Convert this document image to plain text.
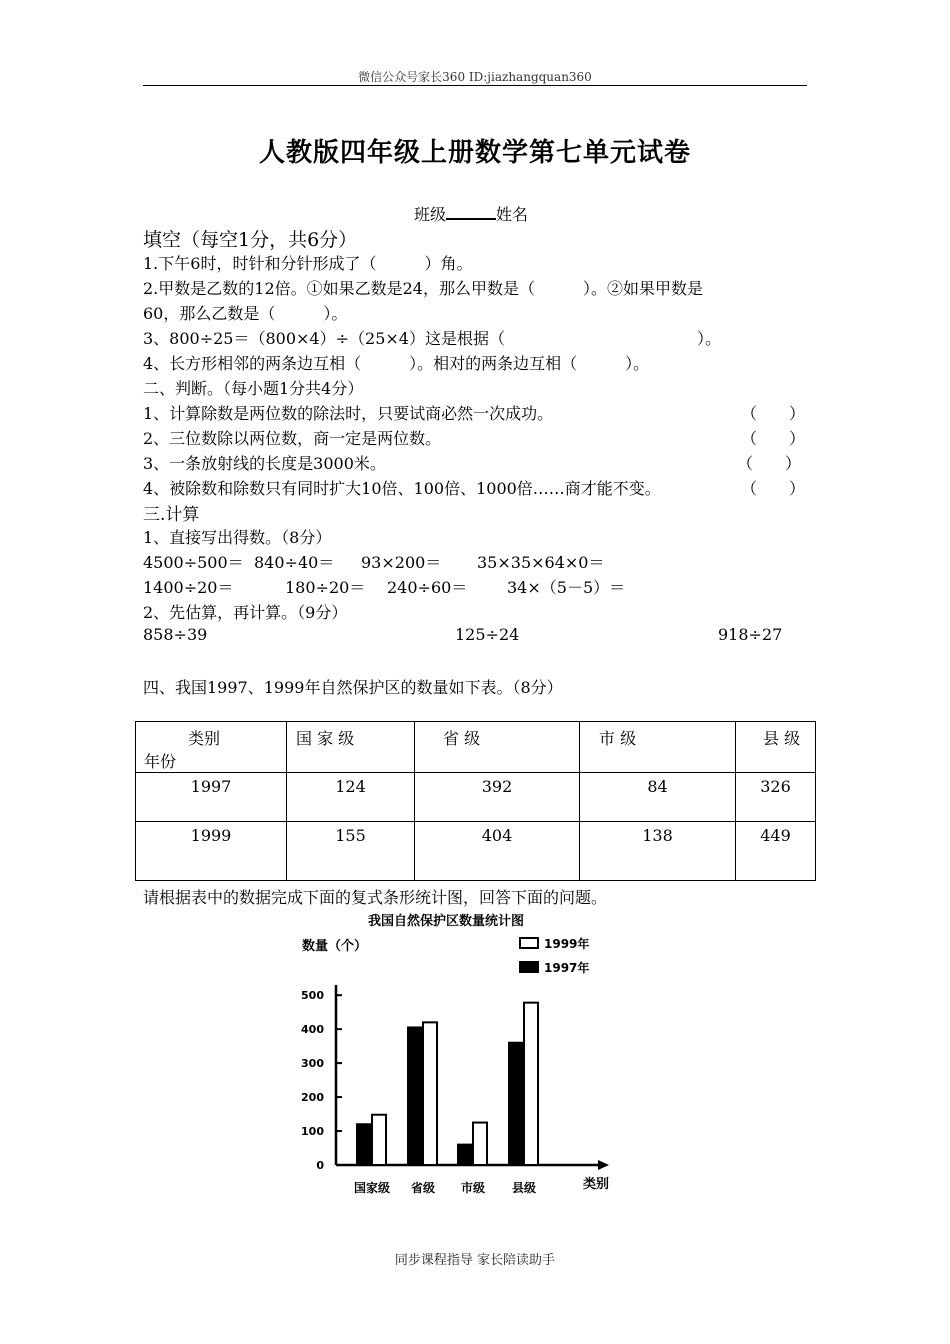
微信公众号家长360 ID:jiazhangquan360
人教版四年级上册数学第七单元试卷
班级	姓名
填空（每空1分，共6分）
1.下午6时，时针和分针形成了（　　　）角。
2.甲数是乙数的12倍。①如果乙数是24，那么甲数是（　　　）。②如果甲数是
60，那么乙数是（　　　）。
3、800÷25＝（800×4）÷（25×4）这是根据（　　　　　　　　　　　　）。
4、长方形相邻的两条边互相（　　　）。相对的两条边互相（　　　）。
二、判断。（每小题1分共4分）
1、计算除数是两位数的除法时，只要试商必然一次成功。	（　　）
2、三位数除以两位数，商一定是两位数。	（　　）
3、一条放射线的长度是3000米。	（　　）
4、被除数和除数只有同时扩大10倍、100倍、1000倍……商才能不变。	（　　）
三.计算
1、直接写出得数。（8分）
4500÷500＝ 840÷40＝ 93×200＝ 35×35×64×0＝
1400÷20＝	180÷20＝ 240÷60＝ 34×（5－5）＝
2、先估算，再计算。（9分）
858÷39	125÷24	918÷27
四、我国1997、1999年自然保护区的数量如下表。（8分）
类别
年份	国 家 级	省 级	市 级	县 级
1997	124	392	84	326
1999	155	404	138	449
请根据表中的数据完成下面的复式条形统计图，回答下面的问题。
我国自然保护区数量统计图
数量（个）
类别
0
100
200
300
400
500
国家级 省级 市级 县级
1999年
1997年
同步课程指导 家长陪读助手
